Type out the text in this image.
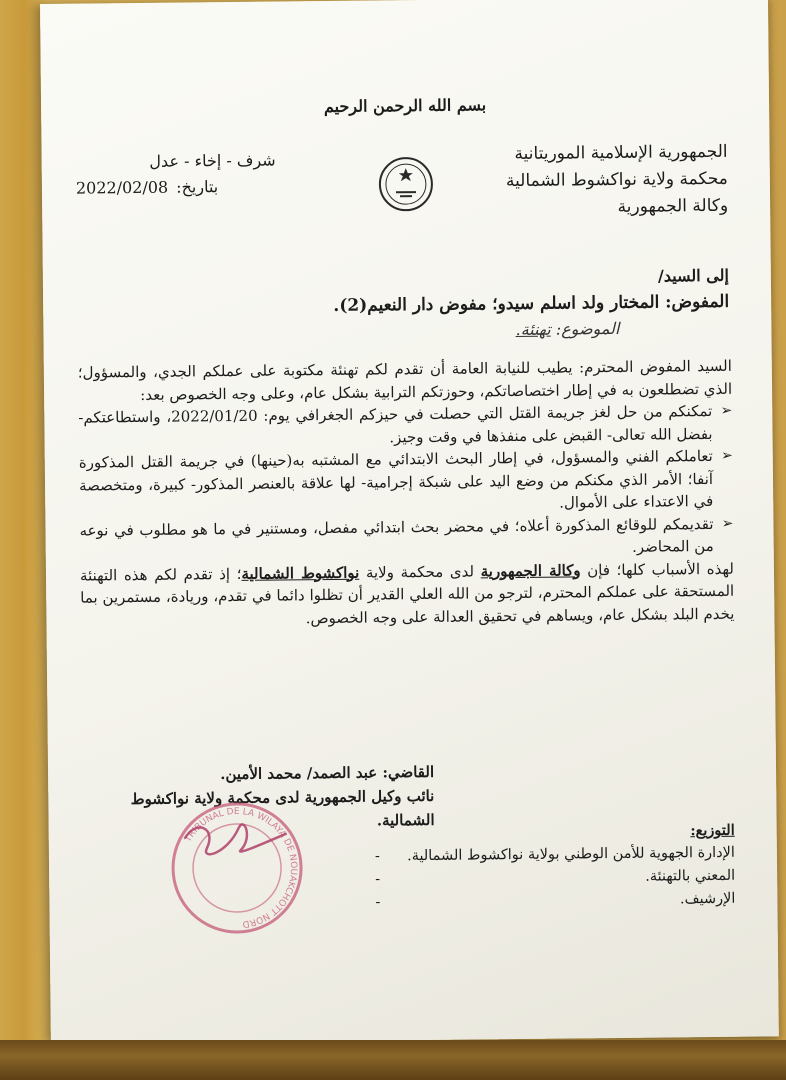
بسم الله الرحمن الرحيم
الجمهورية الإسلامية الموريتانية
محكمة ولاية نواكشوط الشمالية
وكالة الجمهورية
شرف - إخاء - عدل
بتاريخ:
2022/02/08
إلى السيد/
المفوض: المختار ولد اسلم سيدو؛ مفوض دار النعيم(2).
الموضوع: تهنئة.

السيد المفوض المحترم: يطيب للنيابة العامة أن تقدم لكم تهنئة مكتوبة على عملكم الجدي، والمسؤول؛ الذي تضطلعون به في إطار اختصاصاتكم، وحوزتكم الترابية بشكل عام، وعلى وجه الخصوص بعد:

➢
تمكنكم من حل لغز جريمة القتل التي حصلت في حيزكم الجغرافي يوم: 2022/01/20، واستطاعتكم- بفضل الله تعالى- القبض على منفذها في وقت وجيز.
➢
تعاملكم الفني والمسؤول، في إطار البحث الابتدائي مع المشتبه به(حينها) في جريمة القتل المذكورة آنفا؛ الأمر الذي مكنكم من وضع اليد على شبكة إجرامية- لها علاقة بالعنصر المذكور- كبيرة، ومتخصصة في الاعتداء على الأموال.
➢
تقديمكم للوقائع المذكورة أعلاه؛ في محضر بحث ابتدائي مفصل، ومستنير في ما هو مطلوب في نوعه من المحاضر.

لهذه الأسباب كلها؛ فإن وكالة الجمهورية لدى محكمة ولاية نواكشوط الشمالية؛ إذ تقدم لكم هذه التهنئة المستحقة على عملكم المحترم، لترجو من الله العلي القدير أن تظلوا دائما في تقدم، وريادة، مستمرين بما يخدم البلد بشكل عام، ويساهم في تحقيق العدالة على وجه الخصوص.

القاضي: عبد الصمد/ محمد الأمين.
نائب وكيل الجمهورية لدى محكمة ولاية نواكشوط الشمالية.
TRIBUNAL DE LA WILAYA DE NOUAKCHOTT NORD
التوزيع:
الإدارة الجهوية للأمن الوطني بولاية نواكشوط الشمالية.
-
المعني بالتهنئة.
-
الإرشيف.
-
